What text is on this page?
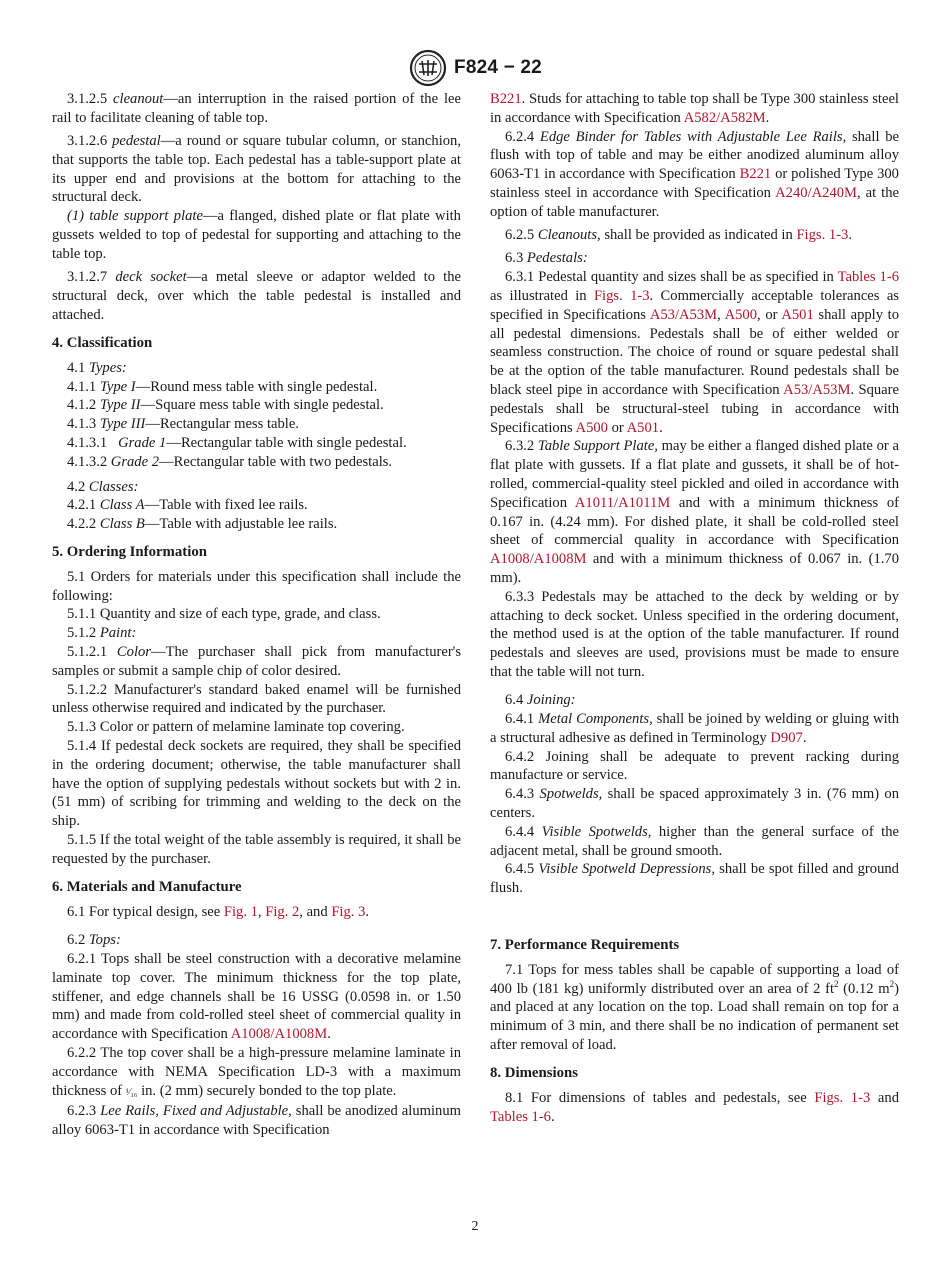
F824 − 22

3.1.2.5 cleanout—an interruption in the raised portion of the lee rail to facilitate cleaning of table top.

3.1.2.6 pedestal—a round or square tubular column, or stanchion, that supports the table top. Each pedestal has a table-support plate at its upper end and provisions at the bottom for attaching to the structural deck.

(1) table support plate—a flanged, dished plate or flat plate with gussets welded to top of pedestal for supporting and attaching to the table top.

3.1.2.7 deck socket—a metal sleeve or adaptor welded to the structural deck, over which the table pedestal is installed and attached.

4. Classification

4.1 Types:

4.1.1 Type I—Round mess table with single pedestal.

4.1.2 Type II—Square mess table with single pedestal.

4.1.3 Type III—Rectangular mess table.

4.1.3.1 Grade 1—Rectangular table with single pedestal.

4.1.3.2 Grade 2—Rectangular table with two pedestals.

4.2 Classes:

4.2.1 Class A—Table with fixed lee rails.

4.2.2 Class B—Table with adjustable lee rails.

5. Ordering Information

5.1 Orders for materials under this specification shall include the following:

5.1.1 Quantity and size of each type, grade, and class.

5.1.2 Paint:

5.1.2.1 Color—The purchaser shall pick from manufacturer's samples or submit a sample chip of color desired.

5.1.2.2 Manufacturer's standard baked enamel will be furnished unless otherwise required and indicated by the purchaser.

5.1.3 Color or pattern of melamine laminate top covering.

5.1.4 If pedestal deck sockets are required, they shall be specified in the ordering document; otherwise, the table manufacturer shall have the option of supplying pedestals without sockets but with 2 in. (51 mm) of scribing for trimming and welding to the deck on the ship.

5.1.5 If the total weight of the table assembly is required, it shall be requested by the purchaser.

6. Materials and Manufacture

6.1 For typical design, see Fig. 1, Fig. 2, and Fig. 3.

6.2 Tops:

6.2.1 Tops shall be steel construction with a decorative melamine laminate top cover. The minimum thickness for the top plate, stiffener, and edge channels shall be 16 USSG (0.0598 in. or 1.50 mm) and made from cold-rolled steel sheet of commercial quality in accordance with Specification A1008/A1008M.

6.2.2 The top cover shall be a high-pressure melamine laminate in accordance with NEMA Specification LD-3 with a maximum thickness of ¹⁄₁₆ in. (2 mm) securely bonded to the top plate.

6.2.3 Lee Rails, Fixed and Adjustable, shall be anodized aluminum alloy 6063-T1 in accordance with Specification

B221. Studs for attaching to table top shall be Type 300 stainless steel in accordance with Specification A582/A582M.

6.2.4 Edge Binder for Tables with Adjustable Lee Rails, shall be flush with top of table and may be either anodized aluminum alloy 6063-T1 in accordance with Specification B221 or polished Type 300 stainless steel in accordance with Specification A240/A240M, at the option of table manufacturer.

6.2.5 Cleanouts, shall be provided as indicated in Figs. 1-3.

6.3 Pedestals:

6.3.1 Pedestal quantity and sizes shall be as specified in Tables 1-6 as illustrated in Figs. 1-3. Commercially acceptable tolerances as specified in Specifications A53/A53M, A500, or A501 shall apply to all pedestal dimensions. Pedestals shall be of either welded or seamless construction. The choice of round or square pedestal shall be at the option of the table manufacturer. Round pedestals shall be black steel pipe in accordance with Specification A53/A53M. Square pedestals shall be structural-steel tubing in accordance with Specifications A500 or A501.

6.3.2 Table Support Plate, may be either a flanged dished plate or a flat plate with gussets. If a flat plate and gussets, it shall be of hot-rolled, commercial-quality steel pickled and oiled in accordance with Specification A1011/A1011M and with a minimum thickness of 0.167 in. (4.24 mm). For dished plate, it shall be cold-rolled steel sheet of commercial quality in accordance with Specification A1008/A1008M and with a minimum thickness of 0.067 in. (1.70 mm).

6.3.3 Pedestals may be attached to the deck by welding or by attaching to deck socket. Unless specified in the ordering document, the method used is at the option of the table manufacturer. If round pedestals and sleeves are used, provisions must be made to ensure that the table will not turn.

6.4 Joining:

6.4.1 Metal Components, shall be joined by welding or gluing with a structural adhesive as defined in Terminology D907.

6.4.2 Joining shall be adequate to prevent racking during manufacture or service.

6.4.3 Spotwelds, shall be spaced approximately 3 in. (76 mm) on centers.

6.4.4 Visible Spotwelds, higher than the general surface of the adjacent metal, shall be ground smooth.

6.4.5 Visible Spotweld Depressions, shall be spot filled and ground flush.

7. Performance Requirements

7.1 Tops for mess tables shall be capable of supporting a load of 400 lb (181 kg) uniformly distributed over an area of 2 $ft^2$ (0.12 $m^2$) and placed at any location on the top. Load shall remain on top for a minimum of 3 min, and there shall be no indication of permanent set after removal of load.

8. Dimensions

8.1 For dimensions of tables and pedestals, see Figs. 1-3 and Tables 1-6.

2
